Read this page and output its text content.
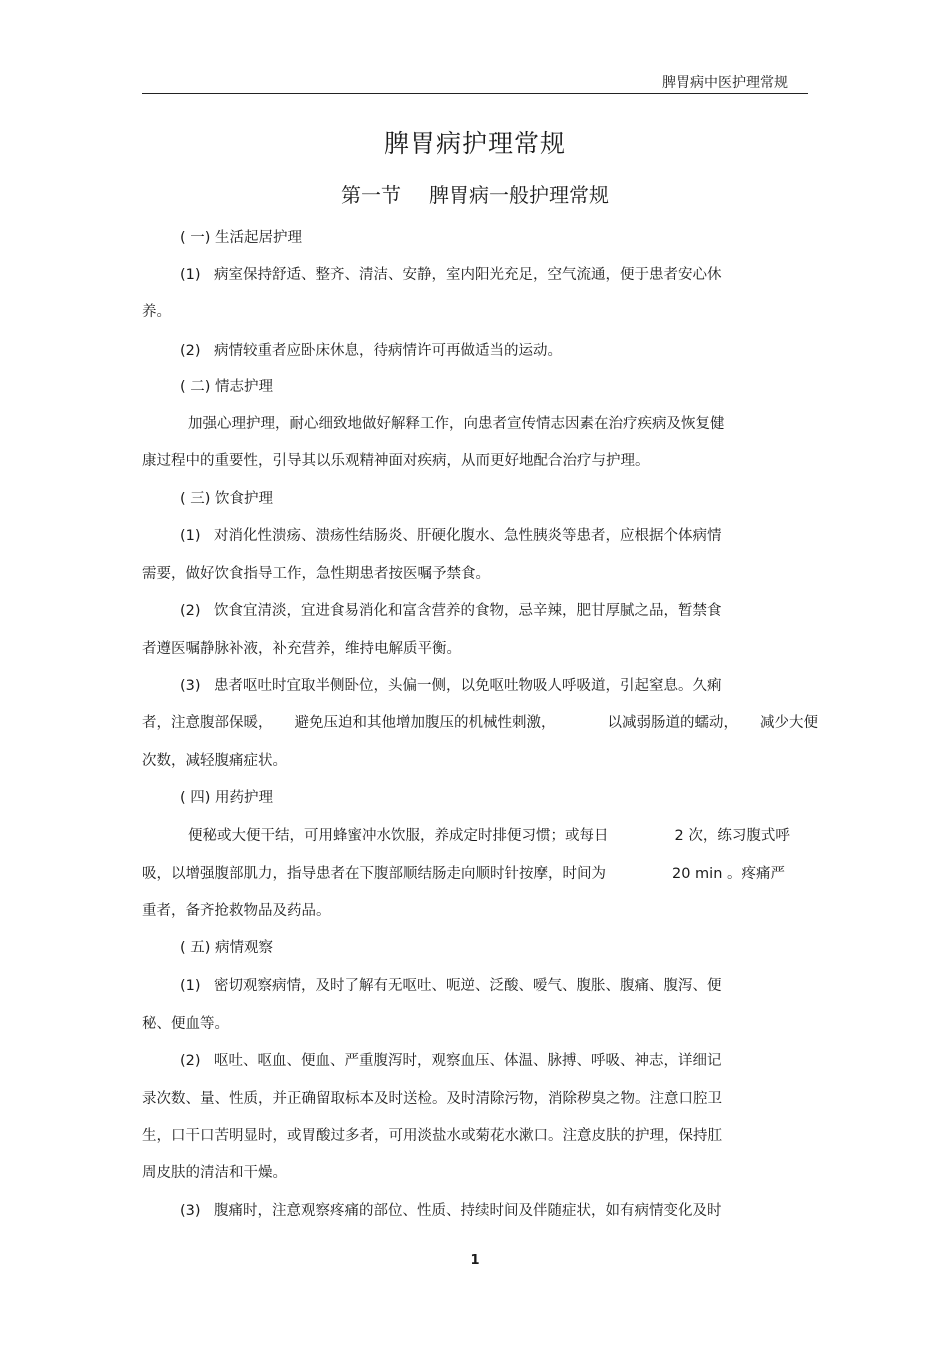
脾胃病中医护理常规
脾胃病护理常规
第一节 脾胃病一般护理常规
( 一) 生活起居护理
(1) 病室保持舒适、整齐、清洁、安静，室内阳光充足，空气流通，便于患者安心休
养。
(2) 病情较重者应卧床休息，待病情许可再做适当的运动。
( 二) 情志护理
加强心理护理，耐心细致地做好解释工作，向患者宣传情志因素在治疗疾病及恢复健
康过程中的重要性，引导其以乐观精神面对疾病，从而更好地配合治疗与护理。
( 三) 饮食护理
(1) 对消化性溃疡、溃疡性结肠炎、肝硬化腹水、急性胰炎等患者，应根据个体病情
需要，做好饮食指导工作，急性期患者按医嘱予禁食。
(2) 饮食宜清淡，宜进食易消化和富含营养的食物，忌辛辣，肥甘厚腻之品，暂禁食
者遵医嘱静脉补液，补充营养，维持电解质平衡。
(3) 患者呕吐时宜取半侧卧位，头偏一侧，以免呕吐物吸人呼吸道，引起窒息。久痢
者，注意腹部保暖， 避免压迫和其他增加腹压的机械性刺激，	以减弱肠道的蠕动， 减少大便
次数，减轻腹痛症状。
( 四) 用药护理
便秘或大便干结，可用蜂蜜冲水饮服，养成定时排便习惯；或每日	2 次，练习腹式呼
吸，以增强腹部肌力，指导患者在下腹部顺结肠走向顺时针按摩，时间为	20 min 。疼痛严
重者，备齐抢救物品及药品。
( 五) 病情观察
(1) 密切观察病情，及时了解有无呕吐、呃逆、泛酸、嗳气、腹胀、腹痛、腹泻、便
秘、便血等。
(2) 呕吐、呕血、便血、严重腹泻时，观察血压、体温、脉搏、呼吸、神志，详细记
录次数、量、性质，并正确留取标本及时送检。及时清除污物，消除秽臭之物。注意口腔卫
生，口干口苦明显时，或胃酸过多者，可用淡盐水或菊花水漱口。注意皮肤的护理，保持肛
周皮肤的清洁和干燥。
(3) 腹痛时，注意观察疼痛的部位、性质、持续时间及伴随症状，如有病情变化及时
1
